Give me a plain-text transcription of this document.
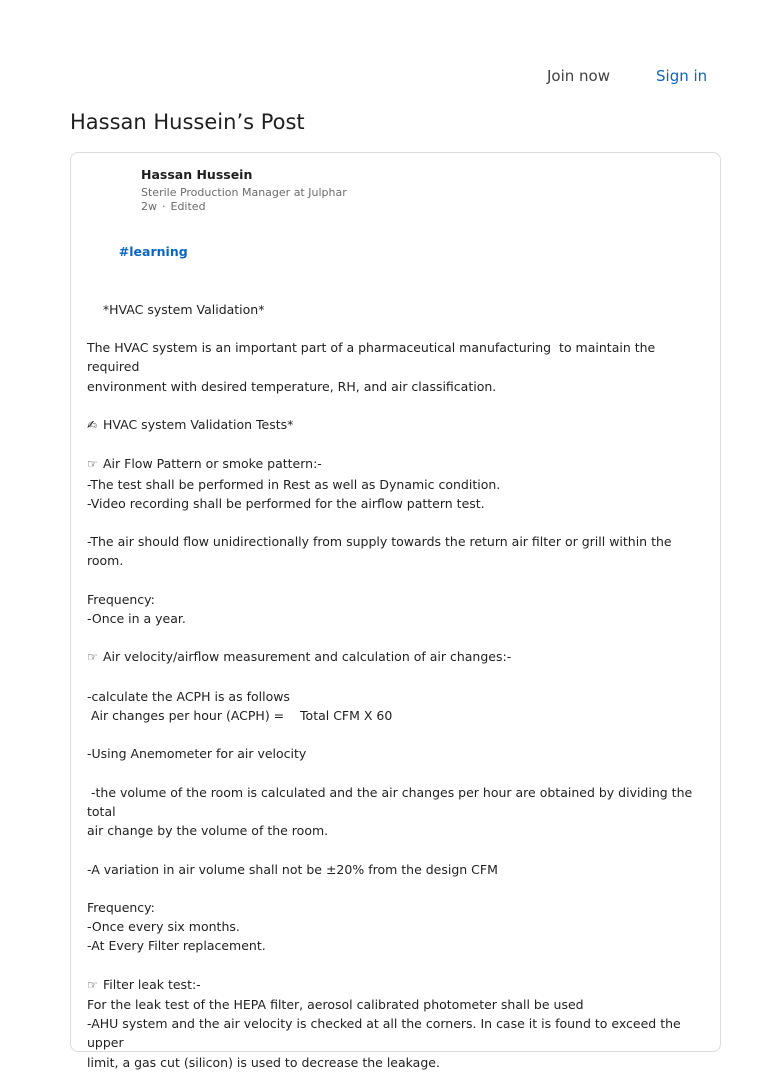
Join now	Sign in
Hassan Hussein’s Post
Hassan Hussein
Sterile Production Manager at Julphar
2w · Edited

#learning

*HVAC system Validation*
The HVAC system is an important part of a pharmaceutical manufacturing  to maintain the required
environment with desired temperature, RH, and air classification.
✍ HVAC system Validation Tests*
☞ Air Flow Pattern or smoke pattern:-
-The test shall be performed in Rest as well as Dynamic condition.
-Video recording shall be performed for the airflow pattern test.
-The air should flow unidirectionally from supply towards the return air filter or grill within the room.
Frequency:
-Once in a year.
☞ Air velocity/airflow measurement and calculation of air changes:-
-calculate the ACPH is as follows
Air changes per hour (ACPH) =    Total CFM X 60
-Using Anemometer for air velocity
-the volume of the room is calculated and the air changes per hour are obtained by dividing the total
air change by the volume of the room.
-A variation in air volume shall not be ±20% from the design CFM
Frequency:
-Once every six months.
-At Every Filter replacement.
☞ Filter leak test:-
For the leak test of the HEPA filter, aerosol calibrated photometer shall be used
-AHU system and the air velocity is checked at all the corners. In case it is found to exceed the upper
limit, a gas cut (silicon) is used to decrease the leakage.
